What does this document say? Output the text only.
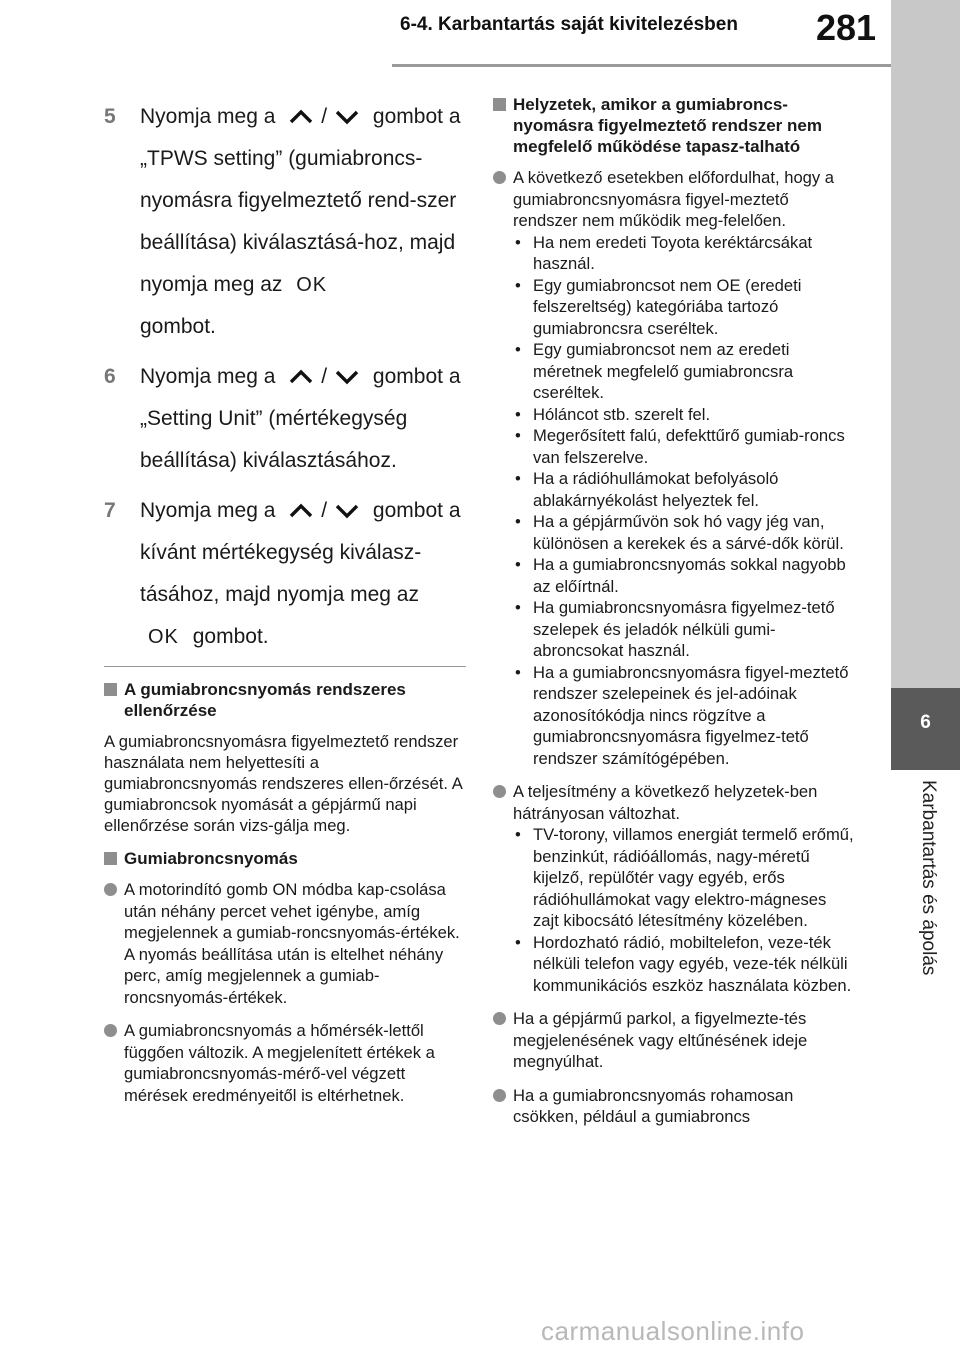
6-4. Karbantartás saját kivitelezésben 281
6
Karbantartás és ápolás
5 Nyomja meg a / gombot a „TPWS setting” (gumiabroncs-nyomásra figyelmeztető rend-szer beállítása) kiválasztásá-hoz, majd nyomja meg az OK
gombot.
6 Nyomja meg a / gombot a „Setting Unit” (mértékegység beállítása) kiválasztásához.
7 Nyomja meg a / gombot a kívánt mértékegység kiválasz-tásához, majd nyomja meg az
OK gombot.
A gumiabroncsnyomás rendszeres ellenőrzése
A gumiabroncsnyomásra figyelmeztető rendszer használata nem helyettesíti a gumiabroncsnyomás rendszeres ellen-őrzését. A gumiabroncsok nyomását a gépjármű napi ellenőrzése során vizs-gálja meg.
Gumiabroncsnyomás
A motorindító gomb ON módba kap-csolása után néhány percet vehet igénybe, amíg megjelennek a gumiab-roncsnyomás-értékek. A nyomás beállítása után is eltelhet néhány perc, amíg megjelennek a gumiab-roncsnyomás-értékek.
A gumiabroncsnyomás a hőmérsék-lettől függően változik. A megjelenített értékek a gumiabroncsnyomás-mérő-vel végzett mérések eredményeitől is eltérhetnek.
Helyzetek, amikor a gumiabroncs-nyomásra figyelmeztető rendszer nem megfelelő működése tapasz-talható
A következő esetekben előfordulhat, hogy a gumiabroncsnyomásra figyel-meztető rendszer nem működik meg-felelően.
• Ha nem eredeti Toyota keréktárcsákat használ.
• Egy gumiabroncsot nem OE (eredeti felszereltség) kategóriába tartozó gumiabroncsra cseréltek.
• Egy gumiabroncsot nem az eredeti méretnek megfelelő gumiabroncsra cseréltek.
• Hóláncot stb. szerelt fel.
• Megerősített falú, defekttűrő gumiab-roncs van felszerelve.
• Ha a rádióhullámokat befolyásoló ablakárnyékolást helyeztek fel.
• Ha a gépjárművön sok hó vagy jég van, különösen a kerekek és a sárvé-dők körül.
• Ha a gumiabroncsnyomás sokkal nagyobb az előírtnál.
• Ha gumiabroncsnyomásra figyelmez-tető szelepek és jeladók nélküli gumi-abroncsokat használ.
• Ha a gumiabroncsnyomásra figyel-meztető rendszer szelepeinek és jel-adóinak azonosítókódja nincs rögzítve a gumiabroncsnyomásra figyelmez-tető rendszer számítógépében.
A teljesítmény a következő helyzetek-ben hátrányosan változhat.
• TV-torony, villamos energiát termelő erőmű, benzinkút, rádióállomás, nagy-méretű kijelző, repülőtér vagy egyéb, erős rádióhullámokat vagy elektro-mágneses zajt kibocsátó létesítmény közelében.
• Hordozható rádió, mobiltelefon, veze-ték nélküli telefon vagy egyéb, veze-ték nélküli kommunikációs eszköz használata közben.
Ha a gépjármű parkol, a figyelmezte-tés megjelenésének vagy eltűnésének ideje megnyúlhat.
Ha a gumiabroncsnyomás rohamosan csökken, például a gumiabroncs
carmanualsonline.info
